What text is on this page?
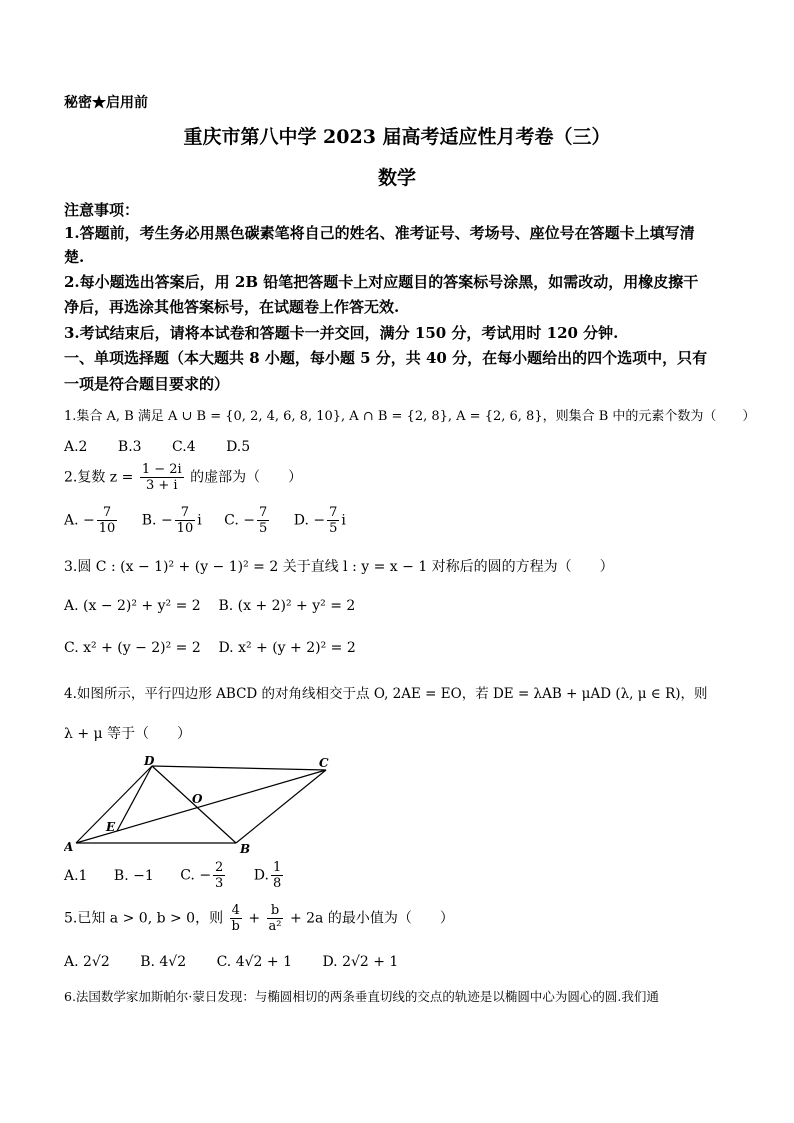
秘密★启用前
重庆市第八中学 2023 届高考适应性月考卷（三）
数学
注意事项：
1.答题前，考生务必用黑色碳素笔将自己的姓名、准考证号、考场号、座位号在答题卡上填写清
楚.
2.每小题选出答案后，用 2B 铅笔把答题卡上对应题目的答案标号涂黑，如需改动，用橡皮擦干
净后，再选涂其他答案标号，在试题卷上作答无效.
3.考试结束后，请将本试卷和答题卡一并交回，满分 150 分，考试用时 120 分钟.
一、单项选择题（本大题共 8 小题，每小题 5 分，共 40 分，在每小题给出的四个选项中，只有
一项是符合题目要求的）
1.集合 A, B 满足 A ∪ B = {0, 2, 4, 6, 8, 10}, A ∩ B = {2, 8}, A = {2, 6, 8}，则集合 B 中的元素个数为（　　）
A.2 B.3 C.4 D.5
2.复数 $z = \frac{1 - 2i}{3 + i}$ 的虚部为（　　）
A. − $\frac{7}{10} B$. − $\frac{7}{10}$ i C. − $\frac{7}{5} D$. − $\frac{7}{5}$ i
3.圆 C : (x − 1)² + (y − 1)² = 2 关于直线 l : y = x − 1 对称后的圆的方程为（　　）
A. (x − 2)² + y² = 2 B. (x + 2)² + y² = 2
C. x² + (y − 2)² = 2 D. x² + (y + 2)² = 2
4.如图所示，平行四边形 ABCD 的对角线相交于点 O, 2AE = EO，若 DE = λAB + μAD (λ, μ ∈ R)，则
λ + μ 等于（　　）
A	B
C
D
E
O
A.1 B. −1 C. − $\frac{2}{3} D$. $\frac{1}{8}$
5.已知 a > 0, b > 0，则 $\frac{4}{b} + \frac{b}{\text{a²}} + 2a$ 的最小值为（　　）
A. 2√2 B. 4√2 C. 4√2 + 1 D. 2√2 + 1
6.法国数学家加斯帕尔·蒙日发现：与椭圆相切的两条垂直切线的交点的轨迹是以椭圆中心为圆心的圆.我们通
